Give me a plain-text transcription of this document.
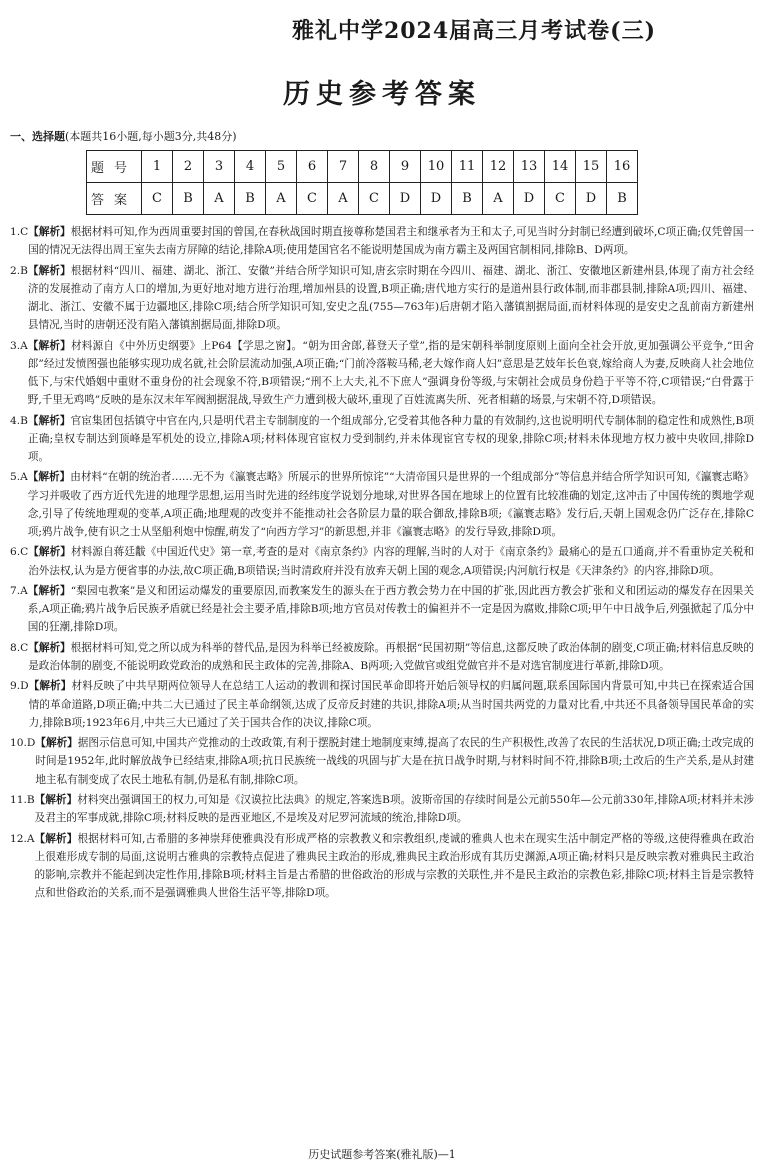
雅礼中学2024届高三月考试卷(三)
历史参考答案
一、选择题(本题共16小题,每小题3分,共48分)
题号	1	2	3	4	5	6	7	8	9	10	11	12	13	14	15	16
答案	C	B	A	B	A	C	A	C	D	D	B	A	D	C	D	B
1.C 【解析】根据材料可知,作为西周重要封国的曾国,在春秋战国时期直接尊称楚国君主和继承者为王和太子,可见当时分封制已经遭到破坏,C项正确;仅凭曾国一国的情况无法得出周王室失去南方屏障的结论,排除A项;使用楚国官名不能说明楚国成为南方霸主及两国官制相同,排除B、D两项。
2.B 【解析】根据材料“四川、福建、湖北、浙江、安徽”并结合所学知识可知,唐玄宗时期在今四川、福建、湖北、浙江、安徽地区新建州县,体现了南方社会经济的发展推动了南方人口的增加,为更好地对地方进行治理,增加州县的设置,B项正确;唐代地方实行的是道州县行政体制,而非郡县制,排除A项;四川、福建、湖北、浙江、安徽不属于边疆地区,排除C项;结合所学知识可知,安史之乱(755—763年)后唐朝才陷入藩镇割据局面,而材料体现的是安史之乱前南方新建州县情况,当时的唐朝还没有陷入藩镇割据局面,排除D项。
3.A 【解析】材料源自《中外历史纲要》上P64【学思之窗】。“朝为田舍郎,暮登天子堂”,指的是宋朝科举制度原则上面向全社会开放,更加强调公平竞争,“田舍郎”经过发愤图强也能够实现功成名就,社会阶层流动加强,A项正确;“门前冷落鞍马稀,老大嫁作商人妇”意思是艺妓年长色衰,嫁给商人为妻,反映商人社会地位低下,与宋代婚姻中重财不重身份的社会现象不符,B项错误;“刑不上大夫,礼不下庶人”强调身份等级,与宋朝社会成员身份趋于平等不符,C项错误;“白骨露于野,千里无鸡鸣”反映的是东汉末年军阀割据混战,导致生产力遭到极大破坏,重现了百姓流离失所、死者相藉的场景,与宋朝不符,D项错误。
4.B 【解析】官宦集团包括镇守中官在内,只是明代君主专制制度的一个组成部分,它受着其他各种力量的有效制约,这也说明明代专制体制的稳定性和成熟性,B项正确;皇权专制达到顶峰是军机处的设立,排除A项;材料体现官宦权力受到制约,并未体现宦官专权的现象,排除C项;材料未体现地方权力被中央收回,排除D项。
5.A 【解析】由材料“在朝的统治者……无不为《瀛寰志略》所展示的世界所惊诧”“大清帝国只是世界的一个组成部分”等信息并结合所学知识可知,《瀛寰志略》学习并吸收了西方近代先进的地理学思想,运用当时先进的经纬度学说划分地球,对世界各国在地球上的位置有比较准确的划定,这冲击了中国传统的舆地学观念,引导了传统地理观的变革,A项正确;地理观的改变并不能推动社会各阶层力量的联合御敌,排除B项;《瀛寰志略》发行后,天朝上国观念仍广泛存在,排除C项;鸦片战争,使有识之士从坚船利炮中惊醒,萌发了“向西方学习”的新思想,并非《瀛寰志略》的发行导致,排除D项。
6.C 【解析】材料源自蒋廷黻《中国近代史》第一章,考查的是对《南京条约》内容的理解,当时的人对于《南京条约》最痛心的是五口通商,并不看重协定关税和治外法权,认为是方便省事的办法,故C项正确,B项错误;当时清政府并没有放弃天朝上国的观念,A项错误;内河航行权是《天津条约》的内容,排除D项。
7.A 【解析】“梨园屯教案”是义和团运动爆发的重要原因,而教案发生的源头在于西方教会势力在中国的扩张,因此西方教会扩张和义和团运动的爆发存在因果关系,A项正确;鸦片战争后民族矛盾就已经是社会主要矛盾,排除B项;地方官员对传教士的偏袒并不一定是因为腐败,排除C项;甲午中日战争后,列强掀起了瓜分中国的狂潮,排除D项。
8.C 【解析】根据材料可知,党之所以成为科举的替代品,是因为科举已经被废除。再根据“民国初期”等信息,这都反映了政治体制的剧变,C项正确;材料信息反映的是政治体制的剧变,不能说明政党政治的成熟和民主政体的完善,排除A、B两项;入党做官或组党做官并不是对选官制度进行革新,排除D项。
9.D 【解析】材料反映了中共早期两位领导人在总结工人运动的教训和探讨国民革命即将开始后领导权的归属问题,联系国际国内背景可知,中共已在探索适合国情的革命道路,D项正确;中共二大已通过了民主革命纲领,达成了反帝反封建的共识,排除A项;从当时国共两党的力量对比看,中共还不具备领导国民革命的实力,排除B项;1923年6月,中共三大已通过了关于国共合作的决议,排除C项。
10.D 【解析】据图示信息可知,中国共产党推动的土改政策,有利于摆脱封建土地制度束缚,提高了农民的生产积极性,改善了农民的生活状况,D项正确;土改完成的时间是1952年,此时解放战争已经结束,排除A项;抗日民族统一战线的巩固与扩大是在抗日战争时期,与材料时间不符,排除B项;土改后的生产关系,是从封建地主私有制变成了农民土地私有制,仍是私有制,排除C项。
11.B 【解析】材料突出强调国王的权力,可知是《汉谟拉比法典》的规定,答案选B项。波斯帝国的存续时间是公元前550年—公元前330年,排除A项;材料并未涉及君主的军事成就,排除C项;材料反映的是西亚地区,不是埃及对尼罗河流域的统治,排除D项。
12.A 【解析】根据材料可知,古希腊的多神崇拜使雅典没有形成严格的宗教教义和宗教组织,虔诚的雅典人也未在现实生活中制定严格的等级,这使得雅典在政治上很难形成专制的局面,这说明古雅典的宗教特点促进了雅典民主政治的形成,雅典民主政治形成有其历史渊源,A项正确;材料只是反映宗教对雅典民主政治的影响,宗教并不能起到决定性作用,排除B项;材料主旨是古希腊的世俗政治的形成与宗教的关联性,并不是民主政治的宗教色彩,排除C项;材料主旨是宗教特点和世俗政治的关系,而不是强调雅典人世俗生活平等,排除D项。
历史试题参考答案(雅礼版)—1
